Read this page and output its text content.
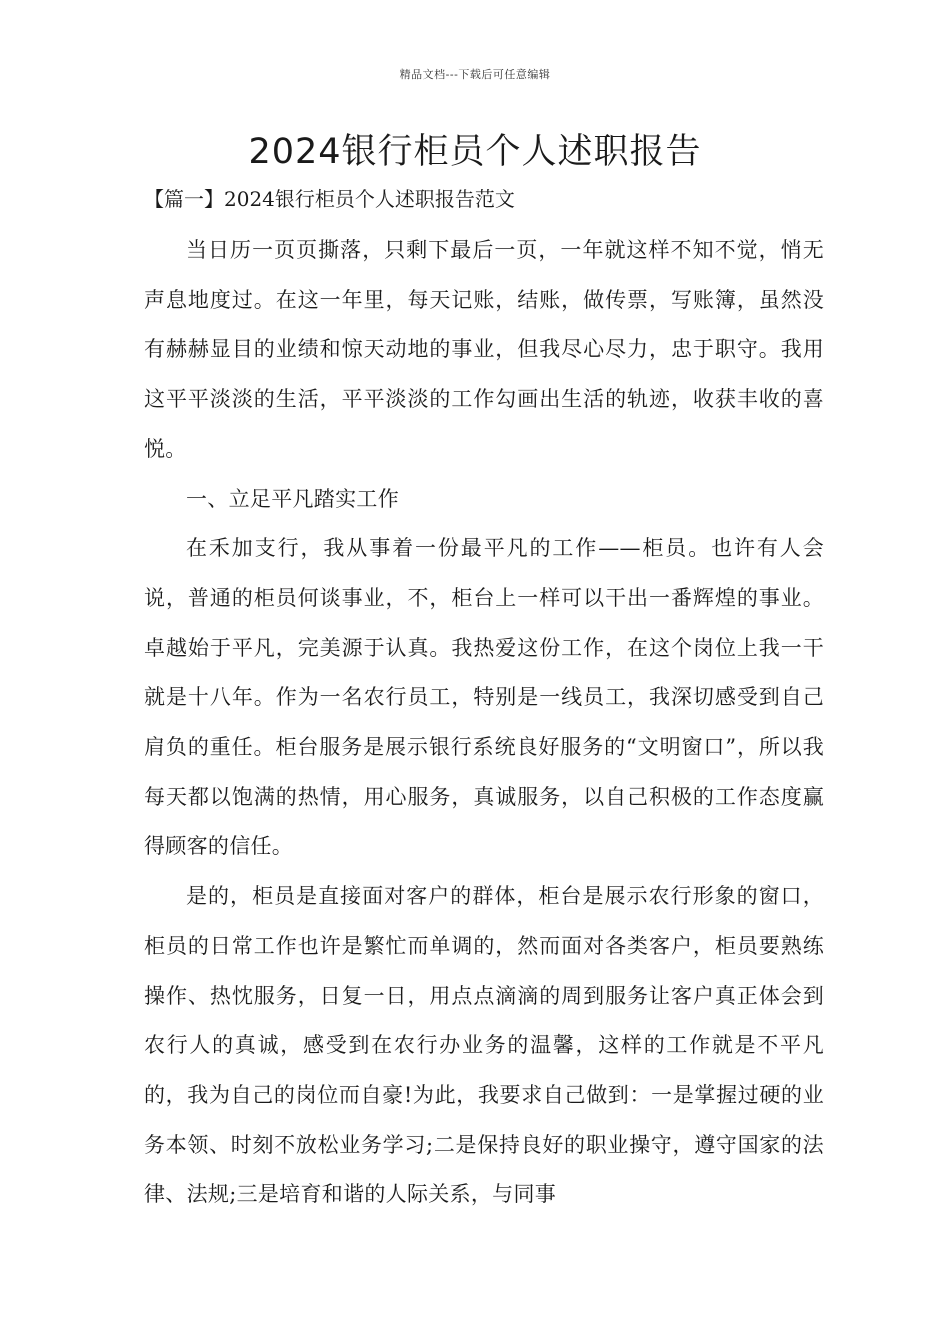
精品文档---下载后可任意编辑
2024银行柜员个人述职报告

【篇一】2024银行柜员个人述职报告范文

当日历一页页撕落，只剩下最后一页，一年就这样不知不觉，悄无声息地度过。在这一年里，每天记账，结账，做传票，写账簿，虽然没有赫赫显目的业绩和惊天动地的事业，但我尽心尽力，忠于职守。我用这平平淡淡的生活，平平淡淡的工作勾画出生活的轨迹，收获丰收的喜悦。

一、立足平凡踏实工作

在禾加支行，我从事着一份最平凡的工作——柜员。也许有人会说，普通的柜员何谈事业，不，柜台上一样可以干出一番辉煌的事业。卓越始于平凡，完美源于认真。我热爱这份工作，在这个岗位上我一干就是十八年。作为一名农行员工，特别是一线员工，我深切感受到自己肩负的重任。柜台服务是展示银行系统良好服务的“文明窗口”，所以我每天都以饱满的热情，用心服务，真诚服务，以自己积极的工作态度赢得顾客的信任。

是的，柜员是直接面对客户的群体，柜台是展示农行形象的窗口，柜员的日常工作也许是繁忙而单调的，然而面对各类客户，柜员要熟练操作、热忱服务，日复一日，用点点滴滴的周到服务让客户真正体会到农行人的真诚，感受到在农行办业务的温馨，这样的工作就是不平凡的，我为自己的岗位而自豪!为此，我要求自己做到：一是掌握过硬的业务本领、时刻不放松业务学习;二是保持良好的职业操守，遵守国家的法律、法规;三是培育和谐的人际关系，与同事
